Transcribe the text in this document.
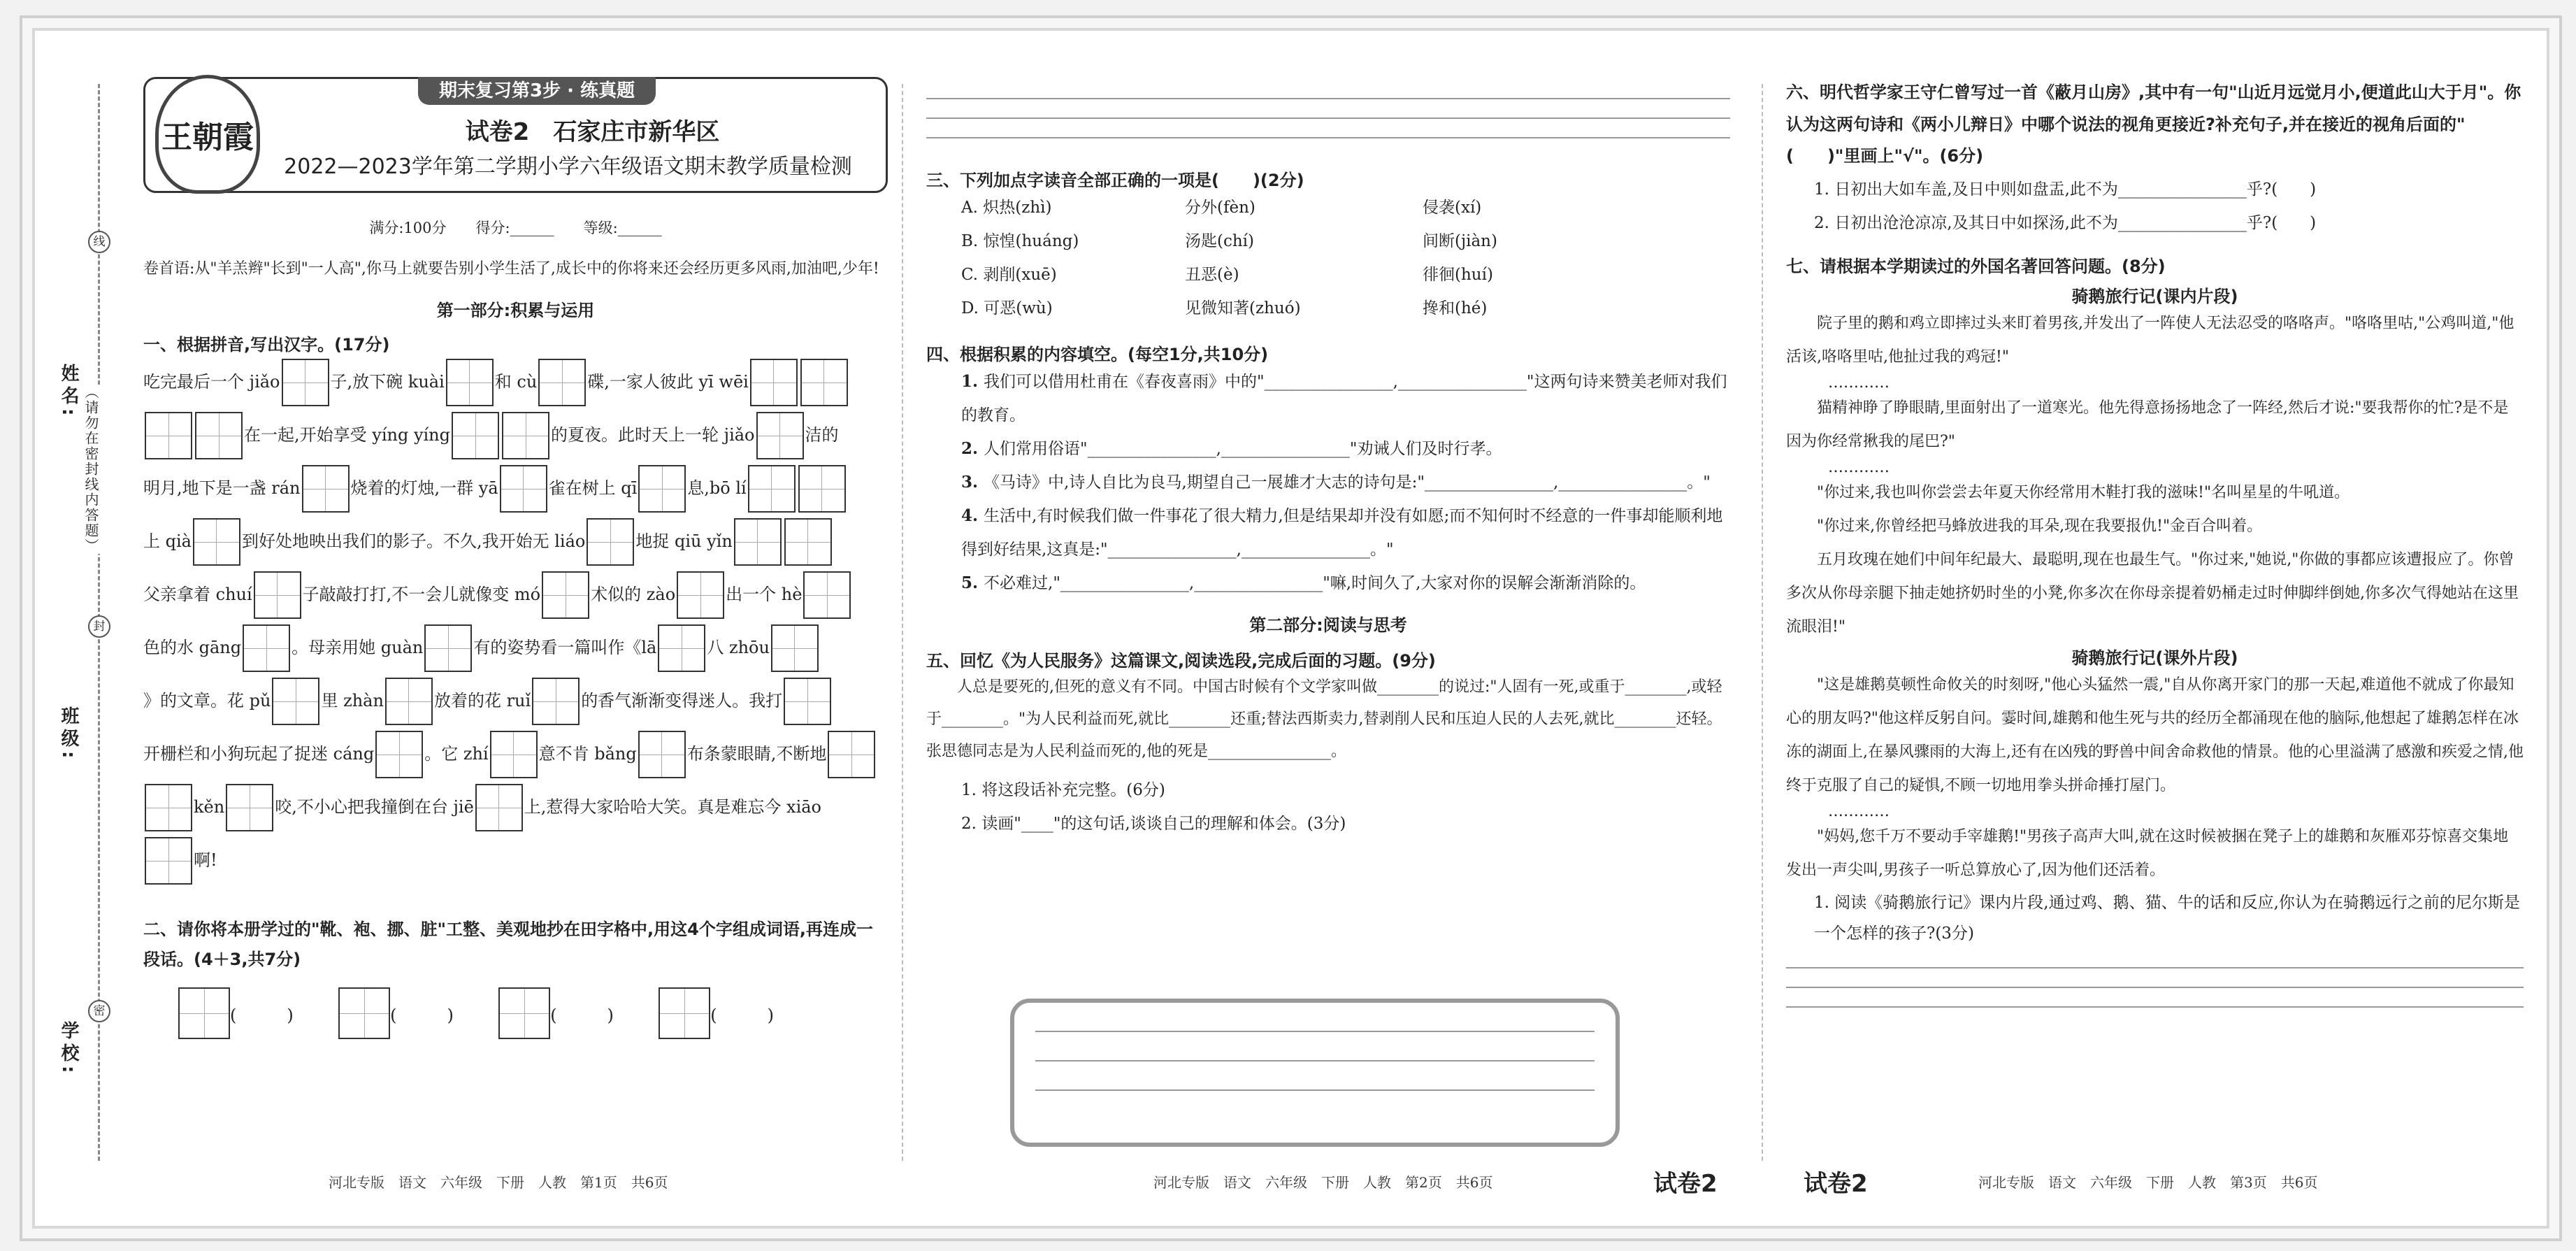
姓名:
班级:
学校:
线
（请勿在密封线内答题）
封
密
王朝霞
期末复习第3步 · 练真题
试卷2　石家庄市新华区
2022—2023学年第二学期小学六年级语文期末教学质量检测
满分:100分　　得分:______　　等级:______
卷首语:从"羊羔辫"长到"一人高",你马上就要告别小学生活了,成长中的你将来还会经历更多风雨,加油吧,少年!
第一部分:积累与运用
一、根据拼音,写出汉字。(17分)
吃完最后一个 jiǎo	子,放下碗 kuài	和 cù	碟,一家人彼此 yī wēi
在一起,开始享受 yíng yíng	的夏夜。此时天上一轮 jiǎo	洁的
明月,地下是一盏 rán	烧着的灯烛,一群 yā	雀在树上 qī	息,bō lí
上 qià	到好处地映出我们的影子。不久,我开始无 liáo	地捉 qiū yǐn
父亲拿着 chuí	子敲敲打打,不一会儿就像变 mó	术似的 zào	出一个 hè
色的水 gāng	。母亲用她 guàn	有的姿势看一篇叫作《lā	八 zhōu
》的文章。花 pǔ	里 zhàn	放着的花 ruǐ	的香气渐渐变得迷人。我打
开栅栏和小狗玩起了捉迷 cáng	。它 zhí	意不肯 bǎng	布条蒙眼睛,不断地
kěn	咬,不小心把我撞倒在台 jiē	上,惹得大家哈哈大笑。真是难忘今 xiāo
啊!
二、请你将本册学过的"靴、袍、挪、脏"工整、美观地抄在田字格中,用这4个字组成词语,再连成一段话。(4＋3,共7分)
(　　　)	(　　　)	(　　　)	(　　　)
河北专版　语文　六年级　下册　人教　第1页　共6页
三、下列加点字读音全部正确的一项是(　　)(2分)
A. 炽热(zhì)	分外(fèn)	侵袭(xí)
B. 惊惶(huáng)	汤匙(chí)	间断(jiàn)
C. 剥削(xuē)	丑恶(è)	徘徊(huí)
D. 可恶(wù)	见微知著(zhuó)	搀和(hé)
四、根据积累的内容填空。(每空1分,共10分)
1. 我们可以借用杜甫在《春夜喜雨》中的"________________,________________"这两句诗来赞美老师对我们的教育。
2. 人们常用俗语"________________,________________"劝诫人们及时行孝。
3. 《马诗》中,诗人自比为良马,期望自己一展雄才大志的诗句是:"________________,________________。"
4. 生活中,有时候我们做一件事花了很大精力,但是结果却并没有如愿;而不知何时不经意的一件事却能顺利地得到好结果,这真是:"________________,________________。"
5. 不必难过,"________________,________________"嘛,时间久了,大家对你的误解会渐渐消除的。
第二部分:阅读与思考
五、回忆《为人民服务》这篇课文,阅读选段,完成后面的习题。(9分)
人总是要死的,但死的意义有不同。中国古时候有个文学家叫做________的说过:"人固有一死,或重于________,或轻于________。"为人民利益而死,就比________还重;替法西斯卖力,替剥削人民和压迫人民的人去死,就比________还轻。张思德同志是为人民利益而死的,他的死是________________。
1. 将这段话补充完整。(6分)
2. 读画"____"的这句话,谈谈自己的理解和体会。(3分)
河北专版　语文　六年级　下册　人教　第2页　共6页	试卷2	试卷2
六、明代哲学家王守仁曾写过一首《蔽月山房》,其中有一句"山近月远觉月小,便道此山大于月"。你认为这两句诗和《两小儿辩日》中哪个说法的视角更接近?补充句子,并在接近的视角后面的"(　　)"里画上"√"。(6分)
1. 日初出大如车盖,及日中则如盘盂,此不为________________乎?(　　)
2. 日初出沧沧凉凉,及其日中如探汤,此不为________________乎?(　　)
七、请根据本学期读过的外国名著回答问题。(8分)
骑鹅旅行记(课内片段)
院子里的鹅和鸡立即摔过头来盯着男孩,并发出了一阵使人无法忍受的咯咯声。"咯咯里咕,"公鸡叫道,"他活该,咯咯里咕,他扯过我的鸡冠!"
…………
猫精神睁了睁眼睛,里面射出了一道寒光。他先得意扬扬地念了一阵经,然后才说:"要我帮你的忙?是不是因为你经常揪我的尾巴?"
…………
"你过来,我也叫你尝尝去年夏天你经常用木鞋打我的滋味!"名叫星星的牛吼道。
"你过来,你曾经把马蜂放进我的耳朵,现在我要报仇!"金百合叫着。
五月玫瑰在她们中间年纪最大、最聪明,现在也最生气。"你过来,"她说,"你做的事都应该遭报应了。你曾多次从你母亲腿下抽走她挤奶时坐的小凳,你多次在你母亲提着奶桶走过时伸脚绊倒她,你多次气得她站在这里流眼泪!"
骑鹅旅行记(课外片段)
"这是雄鹅莫顿性命攸关的时刻呀,"他心头猛然一震,"自从你离开家门的那一天起,难道他不就成了你最知心的朋友吗?"他这样反躬自问。霎时间,雄鹅和他生死与共的经历全都涌现在他的脑际,他想起了雄鹅怎样在冰冻的湖面上,在暴风骤雨的大海上,还有在凶残的野兽中间舍命救他的情景。他的心里溢满了感激和疾爱之情,他终于克服了自己的疑惧,不顾一切地用拳头拼命捶打屋门。
…………
"妈妈,您千万不要动手宰雄鹅!"男孩子高声大叫,就在这时候被捆在凳子上的雄鹅和灰雁邓芬惊喜交集地发出一声尖叫,男孩子一听总算放心了,因为他们还活着。
1. 阅读《骑鹅旅行记》课内片段,通过鸡、鹅、猫、牛的话和反应,你认为在骑鹅远行之前的尼尔斯是一个怎样的孩子?(3分)
河北专版　语文　六年级　下册　人教　第3页　共6页
